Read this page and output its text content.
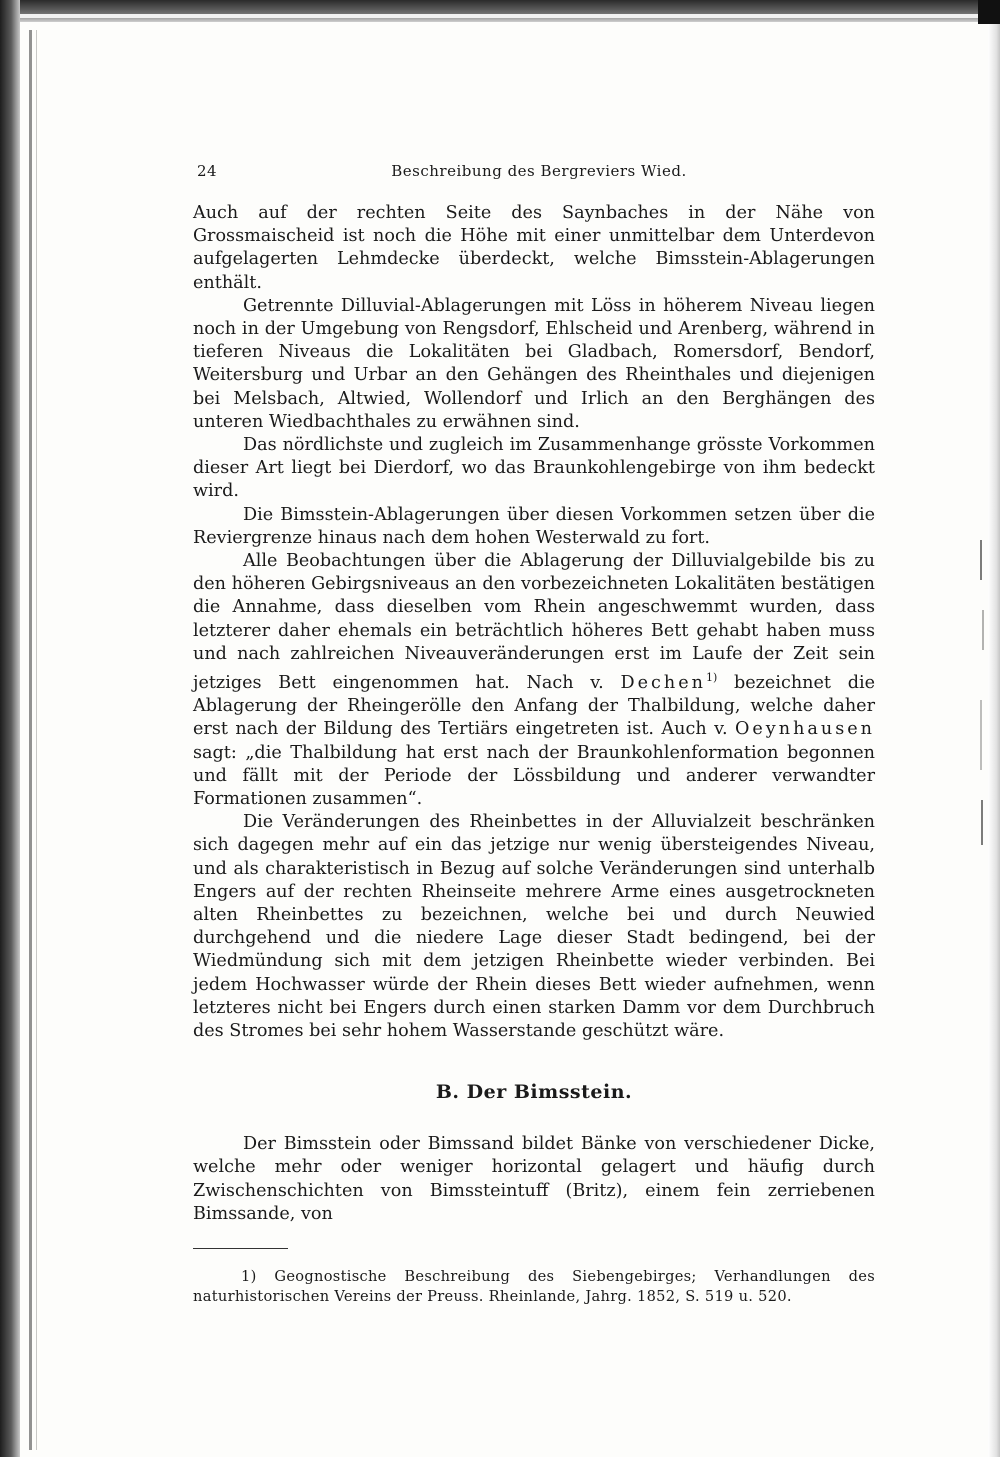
24	Beschreibung des Bergreviers Wied.

Auch auf der rechten Seite des Saynbaches in der Nähe von Grossmaischeid ist noch die Höhe mit einer unmittelbar dem Unterdevon aufgelagerten Lehmdecke überdeckt, welche Bimsstein-Ablagerungen enthält.

Getrennte Dilluvial-Ablagerungen mit Löss in höherem Niveau liegen noch in der Umgebung von Rengsdorf, Ehlscheid und Arenberg, während in tieferen Niveaus die Lokalitäten bei Gladbach, Romersdorf, Bendorf, Weitersburg und Urbar an den Gehängen des Rheinthales und diejenigen bei Melsbach, Altwied, Wollendorf und Irlich an den Berghängen des unteren Wiedbachthales zu erwähnen sind.

Das nördlichste und zugleich im Zusammenhange grösste Vorkommen dieser Art liegt bei Dierdorf, wo das Braunkohlengebirge von ihm bedeckt wird.

Die Bimsstein-Ablagerungen über diesen Vorkommen setzen über die Reviergrenze hinaus nach dem hohen Westerwald zu fort.

Alle Beobachtungen über die Ablagerung der Dilluvialgebilde bis zu den höheren Gebirgsniveaus an den vorbezeichneten Lokalitäten bestätigen die Annahme, dass dieselben vom Rhein angeschwemmt wurden, dass letzterer daher ehemals ein beträchtlich höheres Bett gehabt haben muss und nach zahlreichen Niveauveränderungen erst im Laufe der Zeit sein jetziges Bett eingenommen hat. Nach v. Dechen$^{1)}$ bezeichnet die Ablagerung der Rheingerölle den Anfang der Thalbildung, welche daher erst nach der Bildung des Tertiärs eingetreten ist. Auch v. Oeynhausen sagt: „die Thalbildung hat erst nach der Braunkohlenformation begonnen und fällt mit der Periode der Lössbildung und anderer verwandter Formationen zusammen“.

Die Veränderungen des Rheinbettes in der Alluvialzeit beschränken sich dagegen mehr auf ein das jetzige nur wenig übersteigendes Niveau, und als charakteristisch in Bezug auf solche Veränderungen sind unterhalb Engers auf der rechten Rheinseite mehrere Arme eines ausgetrockneten alten Rheinbettes zu bezeichnen, welche bei und durch Neuwied durchgehend und die niedere Lage dieser Stadt bedingend, bei der Wiedmündung sich mit dem jetzigen Rheinbette wieder verbinden. Bei jedem Hochwasser würde der Rhein dieses Bett wieder aufnehmen, wenn letzteres nicht bei Engers durch einen starken Damm vor dem Durchbruch des Stromes bei sehr hohem Wasserstande geschützt wäre.

B. Der Bimsstein.

Der Bimsstein oder Bimssand bildet Bänke von verschiedener Dicke, welche mehr oder weniger horizontal gelagert und häufig durch Zwischenschichten von Bimssteintuff (Britz), einem fein zerriebenen Bimssande, von

1) Geognostische Beschreibung des Siebengebirges; Verhandlungen des naturhistorischen Vereins der Preuss. Rheinlande, Jahrg. 1852, S. 519 u. 520.
